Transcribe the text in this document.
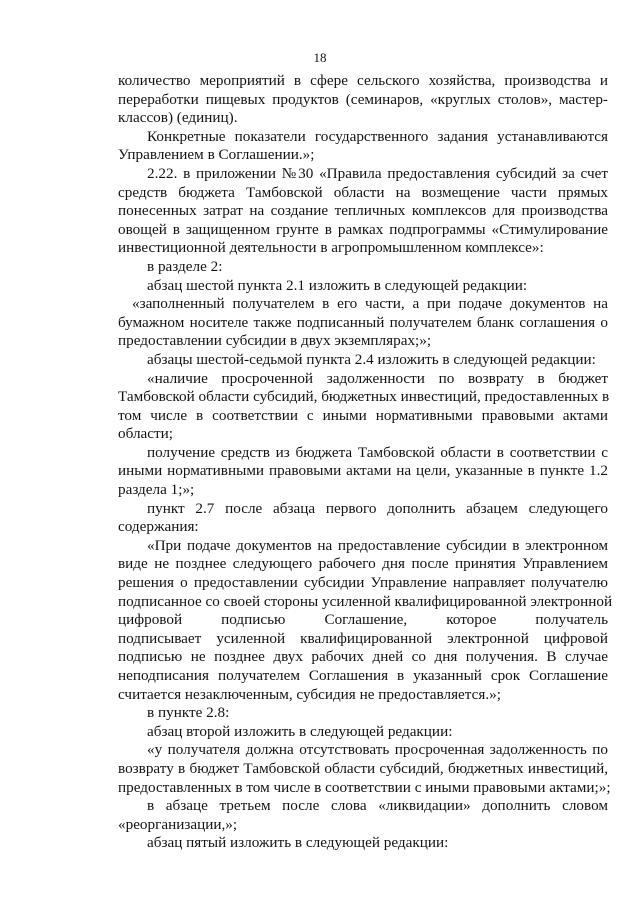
18
количество мероприятий в сфере сельского хозяйства, производства и
переработки пищевых продуктов (семинаров, «круглых столов», мастер-
классов) (единиц).
Конкретные показатели государственного задания устанавливаются
Управлением в Соглашении.»;
2.22. в приложении №30 «Правила предоставления субсидий за счет
средств бюджета Тамбовской области на возмещение части прямых
понесенных затрат на создание тепличных комплексов для производства
овощей в защищенном грунте в рамках подпрограммы «Стимулирование
инвестиционной деятельности в агропромышленном комплексе»:
в разделе 2:
абзац шестой пункта 2.1 изложить в следующей редакции:
«заполненный получателем в его части, а при подаче документов на
бумажном носителе также подписанный получателем бланк соглашения о
предоставлении субсидии в двух экземплярах;»;
абзацы шестой-седьмой пункта 2.4 изложить в следующей редакции:
«наличие просроченной задолженности по возврату в бюджет
Тамбовской области субсидий, бюджетных инвестиций, предоставленных в
том числе в соответствии с иными нормативными правовыми актами
области;
получение средств из бюджета Тамбовской области в соответствии с
иными нормативными правовыми актами на цели, указанные в пункте 1.2
раздела 1;»;
пункт 2.7 после абзаца первого дополнить абзацем следующего
содержания:
«При подаче документов на предоставление субсидии в электронном
виде не позднее следующего рабочего дня после принятия Управлением
решения о предоставлении субсидии Управление направляет получателю
подписанное со своей стороны усиленной квалифицированной электронной
цифровой подписью Соглашение, которое получатель
подписывает усиленной квалифицированной электронной цифровой
подписью не позднее двух рабочих дней со дня получения. В случае
неподписания получателем Соглашения в указанный срок Соглашение
считается незаключенным, субсидия не предоставляется.»;
в пункте 2.8:
абзац второй изложить в следующей редакции:
«у получателя должна отсутствовать просроченная задолженность по
возврату в бюджет Тамбовской области субсидий, бюджетных инвестиций,
предоставленных в том числе в соответствии с иными правовыми актами;»;
в абзаце третьем после слова «ликвидации» дополнить словом
«реорганизации,»;
абзац пятый изложить в следующей редакции:
